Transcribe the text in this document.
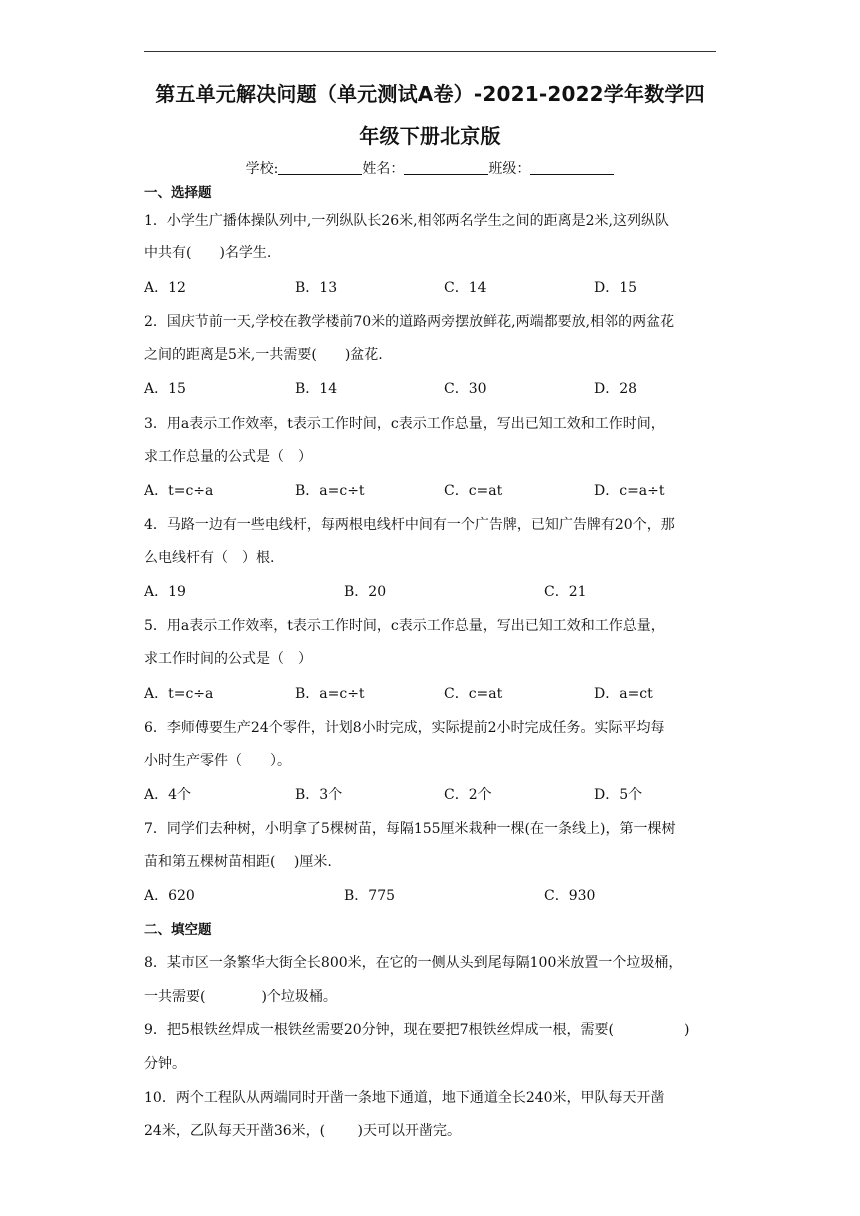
第五单元解决问题（单元测试A卷）-2021-2022学年数学四
年级下册北京版
学校:	姓名：	班级：
一、选择题
1．小学生广播体操队列中,一列纵队长26米,相邻两名学生之间的距离是2米,这列纵队
中共有(　　)名学生.
A．12	B．13	C．14	D．15
2．国庆节前一天,学校在教学楼前70米的道路两旁摆放鲜花,两端都要放,相邻的两盆花
之间的距离是5米,一共需要(　　)盆花.
A．15	B．14	C．30	D．28
3．用a表示工作效率，t表示工作时间，c表示工作总量，写出已知工效和工作时间，
求工作总量的公式是（　）
A．t=c÷a	B．a=c÷t	C．c=at	D．c=a÷t
4．马路一边有一些电线杆，每两根电线杆中间有一个广告牌，已知广告牌有20个，那
么电线杆有（　）根.
A．19	B．20	C．21
5．用a表示工作效率，t表示工作时间，c表示工作总量，写出已知工效和工作总量，
求工作时间的公式是（　）
A．t=c÷a	B．a=c÷t	C．c=at	D．a=ct
6．李师傅要生产24个零件，计划8小时完成，实际提前2小时完成任务。实际平均每
小时生产零件（　　）。
A．4个	B．3个	C．2个	D．5个
7．同学们去种树，小明拿了5棵树苗，每隔155厘米栽种一棵(在一条线上)，第一棵树
苗和第五棵树苗相距(　 )厘米.
A．620	B．775	C．930
二、填空题
8．某市区一条繁华大街全长800米，在它的一侧从头到尾每隔100米放置一个垃圾桶，
一共需要(　　　　)个垃圾桶。
9．把5根铁丝焊成一根铁丝需要20分钟，现在要把7根铁丝焊成一根，需要(　　　　　)
分钟。
10．两个工程队从两端同时开凿一条地下通道，地下通道全长240米，甲队每天开凿
24米，乙队每天开凿36米，(　　 )天可以开凿完。
